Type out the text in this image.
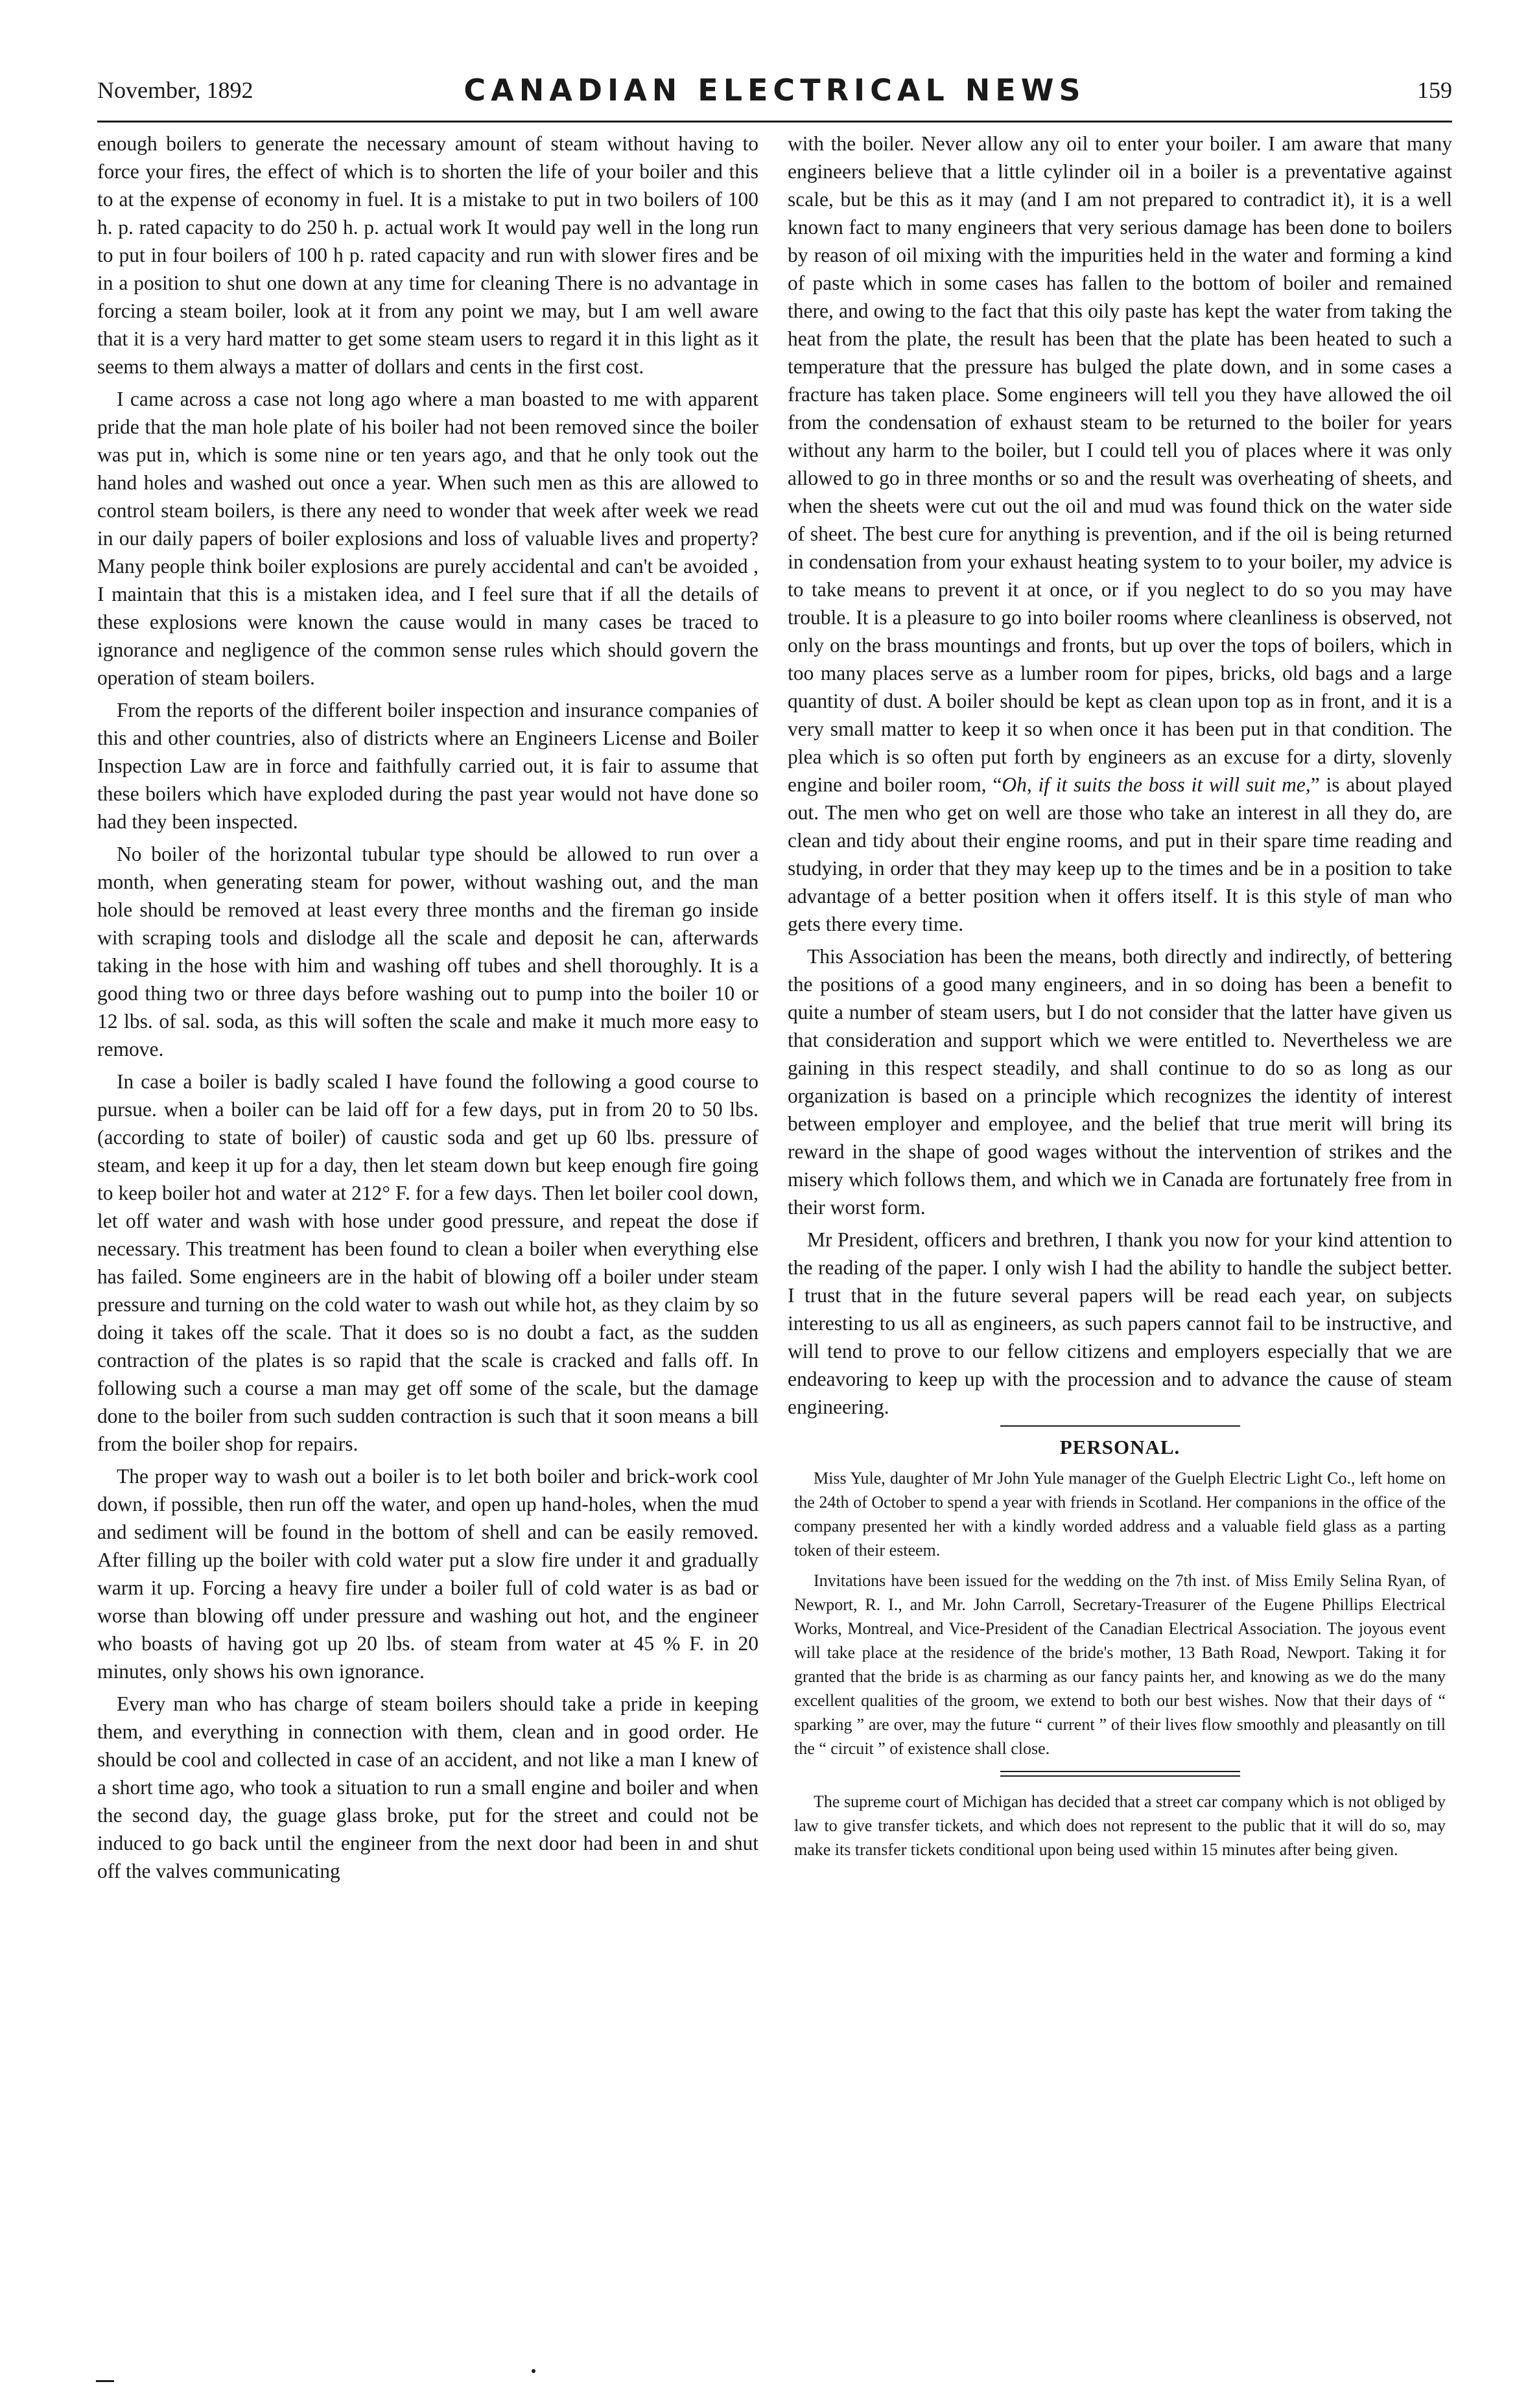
November, 1892	CANADIAN ELECTRICAL NEWS	159

enough boilers to generate the necessary amount of steam without having to force your fires, the effect of which is to shorten the life of your boiler and this to at the expense of economy in fuel. It is a mistake to put in two boilers of 100 h. p. rated capacity to do 250 h. p. actual work It would pay well in the long run to put in four boilers of 100 h p. rated capacity and run with slower fires and be in a position to shut one down at any time for cleaning There is no advantage in forcing a steam boiler, look at it from any point we may, but I am well aware that it is a very hard matter to get some steam users to regard it in this light as it seems to them always a matter of dollars and cents in the first cost.

I came across a case not long ago where a man boasted to me with apparent pride that the man hole plate of his boiler had not been removed since the boiler was put in, which is some nine or ten years ago, and that he only took out the hand holes and washed out once a year. When such men as this are allowed to control steam boilers, is there any need to wonder that week after week we read in our daily papers of boiler explosions and loss of valuable lives and property? Many people think boiler explosions are purely accidental and can't be avoided , I maintain that this is a mistaken idea, and I feel sure that if all the details of these explosions were known the cause would in many cases be traced to ignorance and negligence of the common sense rules which should govern the operation of steam boilers.

From the reports of the different boiler inspection and insurance companies of this and other countries, also of districts where an Engineers License and Boiler Inspection Law are in force and faithfully carried out, it is fair to assume that these boilers which have exploded during the past year would not have done so had they been inspected.

No boiler of the horizontal tubular type should be allowed to run over a month, when generating steam for power, without washing out, and the man hole should be removed at least every three months and the fireman go inside with scraping tools and dislodge all the scale and deposit he can, afterwards taking in the hose with him and washing off tubes and shell thoroughly. It is a good thing two or three days before washing out to pump into the boiler 10 or 12 lbs. of sal. soda, as this will soften the scale and make it much more easy to remove.

In case a boiler is badly scaled I have found the following a good course to pursue. when a boiler can be laid off for a few days, put in from 20 to 50 lbs. (according to state of boiler) of caustic soda and get up 60 lbs. pressure of steam, and keep it up for a day, then let steam down but keep enough fire going to keep boiler hot and water at 212° F. for a few days. Then let boiler cool down, let off water and wash with hose under good pressure, and repeat the dose if necessary. This treatment has been found to clean a boiler when everything else has failed. Some engineers are in the habit of blowing off a boiler under steam pressure and turning on the cold water to wash out while hot, as they claim by so doing it takes off the scale. That it does so is no doubt a fact, as the sudden contraction of the plates is so rapid that the scale is cracked and falls off. In following such a course a man may get off some of the scale, but the damage done to the boiler from such sudden contraction is such that it soon means a bill from the boiler shop for repairs.

The proper way to wash out a boiler is to let both boiler and brick-work cool down, if possible, then run off the water, and open up hand-holes, when the mud and sediment will be found in the bottom of shell and can be easily removed. After filling up the boiler with cold water put a slow fire under it and gradually warm it up. Forcing a heavy fire under a boiler full of cold water is as bad or worse than blowing off under pressure and washing out hot, and the engineer who boasts of having got up 20 lbs. of steam from water at 45 % F. in 20 minutes, only shows his own ignorance.

Every man who has charge of steam boilers should take a pride in keeping them, and everything in connection with them, clean and in good order. He should be cool and collected in case of an accident, and not like a man I knew of a short time ago, who took a situation to run a small engine and boiler and when the second day, the guage glass broke, put for the street and could not be induced to go back until the engineer from the next door had been in and shut off the valves communicating

with the boiler. Never allow any oil to enter your boiler. I am aware that many engineers believe that a little cylinder oil in a boiler is a preventative against scale, but be this as it may (and I am not prepared to contradict it), it is a well known fact to many engineers that very serious damage has been done to boilers by reason of oil mixing with the impurities held in the water and forming a kind of paste which in some cases has fallen to the bottom of boiler and remained there, and owing to the fact that this oily paste has kept the water from taking the heat from the plate, the result has been that the plate has been heated to such a temperature that the pressure has bulged the plate down, and in some cases a fracture has taken place. Some engineers will tell you they have allowed the oil from the condensation of exhaust steam to be returned to the boiler for years without any harm to the boiler, but I could tell you of places where it was only allowed to go in three months or so and the result was overheating of sheets, and when the sheets were cut out the oil and mud was found thick on the water side of sheet. The best cure for anything is prevention, and if the oil is being returned in condensation from your exhaust heating system to to your boiler, my advice is to take means to prevent it at once, or if you neglect to do so you may have trouble. It is a pleasure to go into boiler rooms where cleanliness is observed, not only on the brass mountings and fronts, but up over the tops of boilers, which in too many places serve as a lumber room for pipes, bricks, old bags and a large quantity of dust. A boiler should be kept as clean upon top as in front, and it is a very small matter to keep it so when once it has been put in that condition. The plea which is so often put forth by engineers as an excuse for a dirty, slovenly engine and boiler room, “Oh, if it suits the boss it will suit me,” is about played out. The men who get on well are those who take an interest in all they do, are clean and tidy about their engine rooms, and put in their spare time reading and studying, in order that they may keep up to the times and be in a position to take advantage of a better position when it offers itself. It is this style of man who gets there every time.

This Association has been the means, both directly and indirectly, of bettering the positions of a good many engineers, and in so doing has been a benefit to quite a number of steam users, but I do not consider that the latter have given us that consideration and support which we were entitled to. Nevertheless we are gaining in this respect steadily, and shall continue to do so as long as our organization is based on a principle which recognizes the identity of interest between employer and employee, and the belief that true merit will bring its reward in the shape of good wages without the intervention of strikes and the misery which follows them, and which we in Canada are fortunately free from in their worst form.

Mr President, officers and brethren, I thank you now for your kind attention to the reading of the paper. I only wish I had the ability to handle the subject better. I trust that in the future several papers will be read each year, on subjects interesting to us all as engineers, as such papers cannot fail to be instructive, and will tend to prove to our fellow citizens and employers especially that we are endeavoring to keep up with the procession and to advance the cause of steam engineering.

PERSONAL.

Miss Yule, daughter of Mr John Yule manager of the Guelph Electric Light Co., left home on the 24th of October to spend a year with friends in Scotland. Her companions in the office of the company presented her with a kindly worded address and a valuable field glass as a parting token of their esteem.

Invitations have been issued for the wedding on the 7th inst. of Miss Emily Selina Ryan, of Newport, R. I., and Mr. John Carroll, Secretary-Treasurer of the Eugene Phillips Electrical Works, Montreal, and Vice-President of the Canadian Electrical Association. The joyous event will take place at the residence of the bride's mother, 13 Bath Road, Newport. Taking it for granted that the bride is as charming as our fancy paints her, and knowing as we do the many excellent qualities of the groom, we extend to both our best wishes. Now that their days of “ sparking ” are over, may the future “ current ” of their lives flow smoothly and pleasantly on till the “ circuit ” of existence shall close.

The supreme court of Michigan has decided that a street car company which is not obliged by law to give transfer tickets, and which does not represent to the public that it will do so, may make its transfer tickets conditional upon being used within 15 minutes after being given.
